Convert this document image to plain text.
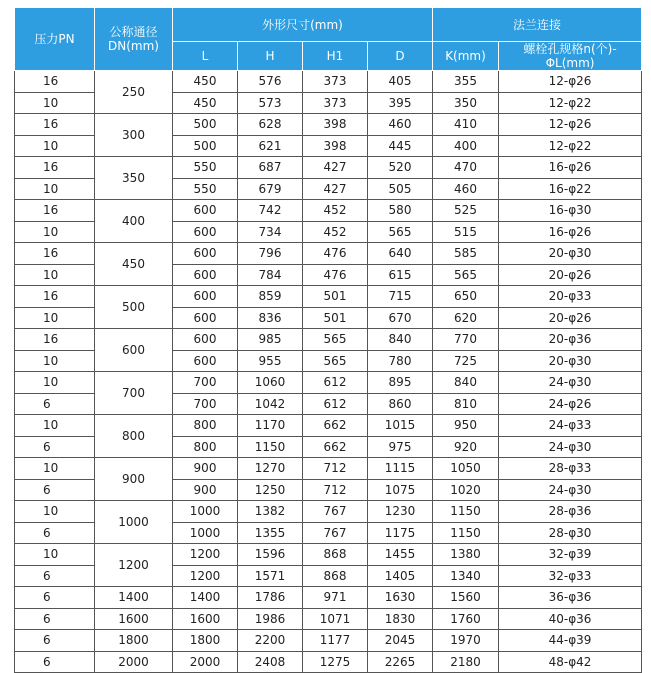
压力PN	公称通径
DN(mm)	外形尺寸(mm)				法兰连接	
		L	H	H1	D	K(mm)	螺栓孔规格n(个)-ΦL(mm)
16	250	450	576	373	405	355	12-φ26
10		450	573	373	395	350	12-φ22
16	300	500	628	398	460	410	12-φ26
10		500	621	398	445	400	12-φ22
16	350	550	687	427	520	470	16-φ26
10		550	679	427	505	460	16-φ22
16	400	600	742	452	580	525	16-φ30
10		600	734	452	565	515	16-φ26
16	450	600	796	476	640	585	20-φ30
10		600	784	476	615	565	20-φ26
16	500	600	859	501	715	650	20-φ33
10		600	836	501	670	620	20-φ26
16	600	600	985	565	840	770	20-φ36
10		600	955	565	780	725	20-φ30
10	700	700	1060	612	895	840	24-φ30
6		700	1042	612	860	810	24-φ26
10	800	800	1170	662	1015	950	24-φ33
6		800	1150	662	975	920	24-φ30
10	900	900	1270	712	1115	1050	28-φ33
6		900	1250	712	1075	1020	24-φ30
10	1000	1000	1382	767	1230	1150	28-φ36
6		1000	1355	767	1175	1150	28-φ30
10	1200	1200	1596	868	1455	1380	32-φ39
6		1200	1571	868	1405	1340	32-φ33
6	1400	1400	1786	971	1630	1560	36-φ36
6	1600	1600	1986	1071	1830	1760	40-φ36
6	1800	1800	2200	1177	2045	1970	44-φ39
6	2000	2000	2408	1275	2265	2180	48-φ42
